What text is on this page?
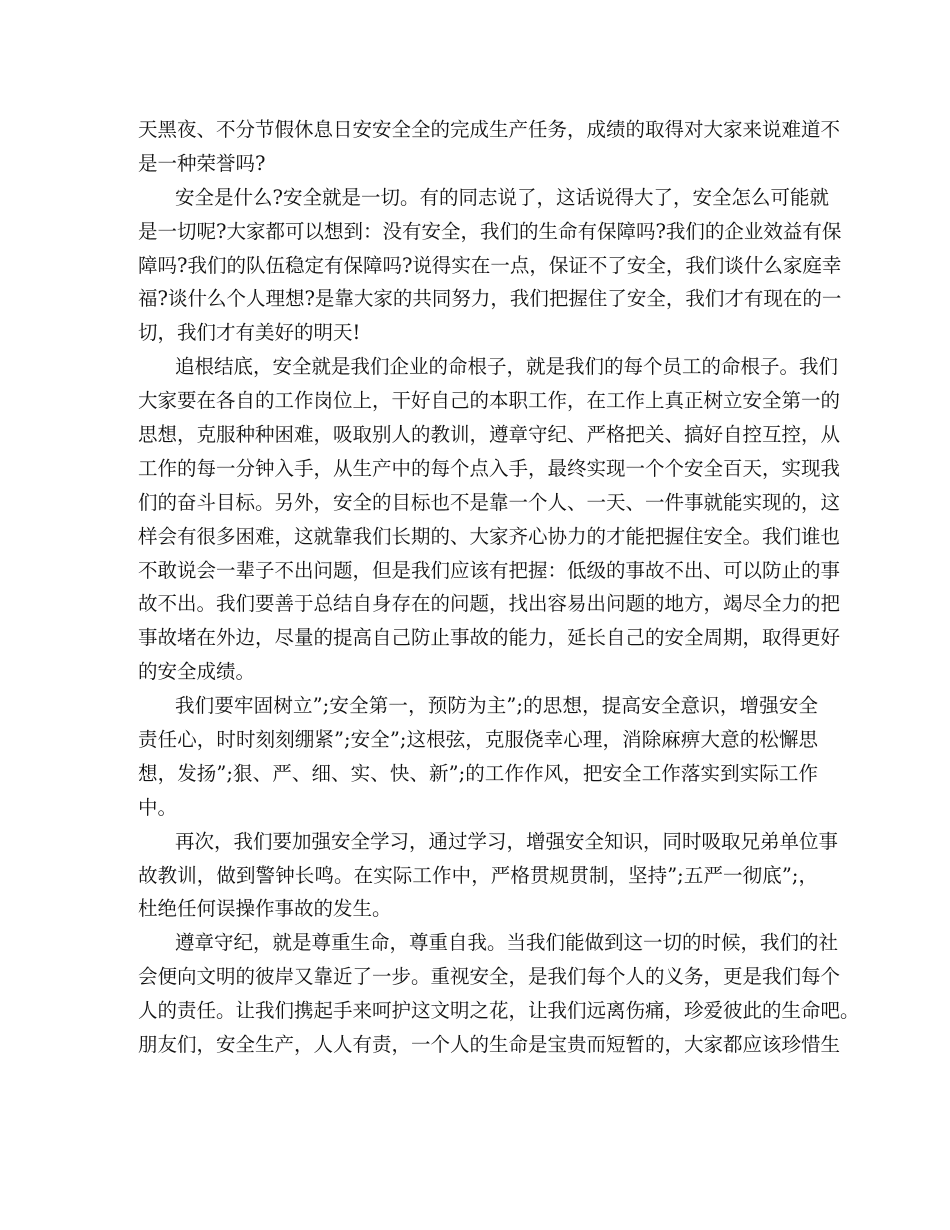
天黑夜、不分节假休息日安安全全的完成生产任务，成绩的取得对大家来说难道不
是一种荣誉吗?
安全是什么?安全就是一切。有的同志说了，这话说得大了，安全怎么可能就
是一切呢?大家都可以想到：没有安全，我们的生命有保障吗?我们的企业效益有保
障吗?我们的队伍稳定有保障吗?说得实在一点，保证不了安全，我们谈什么家庭幸
福?谈什么个人理想?是靠大家的共同努力，我们把握住了安全，我们才有现在的一
切，我们才有美好的明天!
追根结底，安全就是我们企业的命根子，就是我们的每个员工的命根子。我们
大家要在各自的工作岗位上，干好自己的本职工作，在工作上真正树立安全第一的
思想，克服种种困难，吸取别人的教训，遵章守纪、严格把关、搞好自控互控，从
工作的每一分钟入手，从生产中的每个点入手，最终实现一个个安全百天，实现我
们的奋斗目标。另外，安全的目标也不是靠一个人、一天、一件事就能实现的，这
样会有很多困难，这就靠我们长期的、大家齐心协力的才能把握住安全。我们谁也
不敢说会一辈子不出问题，但是我们应该有把握：低级的事故不出、可以防止的事
故不出。我们要善于总结自身存在的问题，找出容易出问题的地方，竭尽全力的把
事故堵在外边，尽量的提高自己防止事故的能力，延长自己的安全周期，取得更好
的安全成绩。
我们要牢固树立”;安全第一，预防为主”;的思想，提高安全意识，增强安全
责任心，时时刻刻绷紧”;安全”;这根弦，克服侥幸心理，消除麻痹大意的松懈思
想，发扬”;狠、严、细、实、快、新”;的工作作风，把安全工作落实到实际工作
中。
再次，我们要加强安全学习，通过学习，增强安全知识，同时吸取兄弟单位事
故教训，做到警钟长鸣。在实际工作中，严格贯规贯制，坚持”;五严一彻底”;，
杜绝任何误操作事故的发生。
遵章守纪，就是尊重生命，尊重自我。当我们能做到这一切的时候，我们的社
会便向文明的彼岸又靠近了一步。重视安全，是我们每个人的义务，更是我们每个
人的责任。让我们携起手来呵护这文明之花，让我们远离伤痛，珍爱彼此的生命吧。
朋友们，安全生产，人人有责，一个人的生命是宝贵而短暂的，大家都应该珍惜生
